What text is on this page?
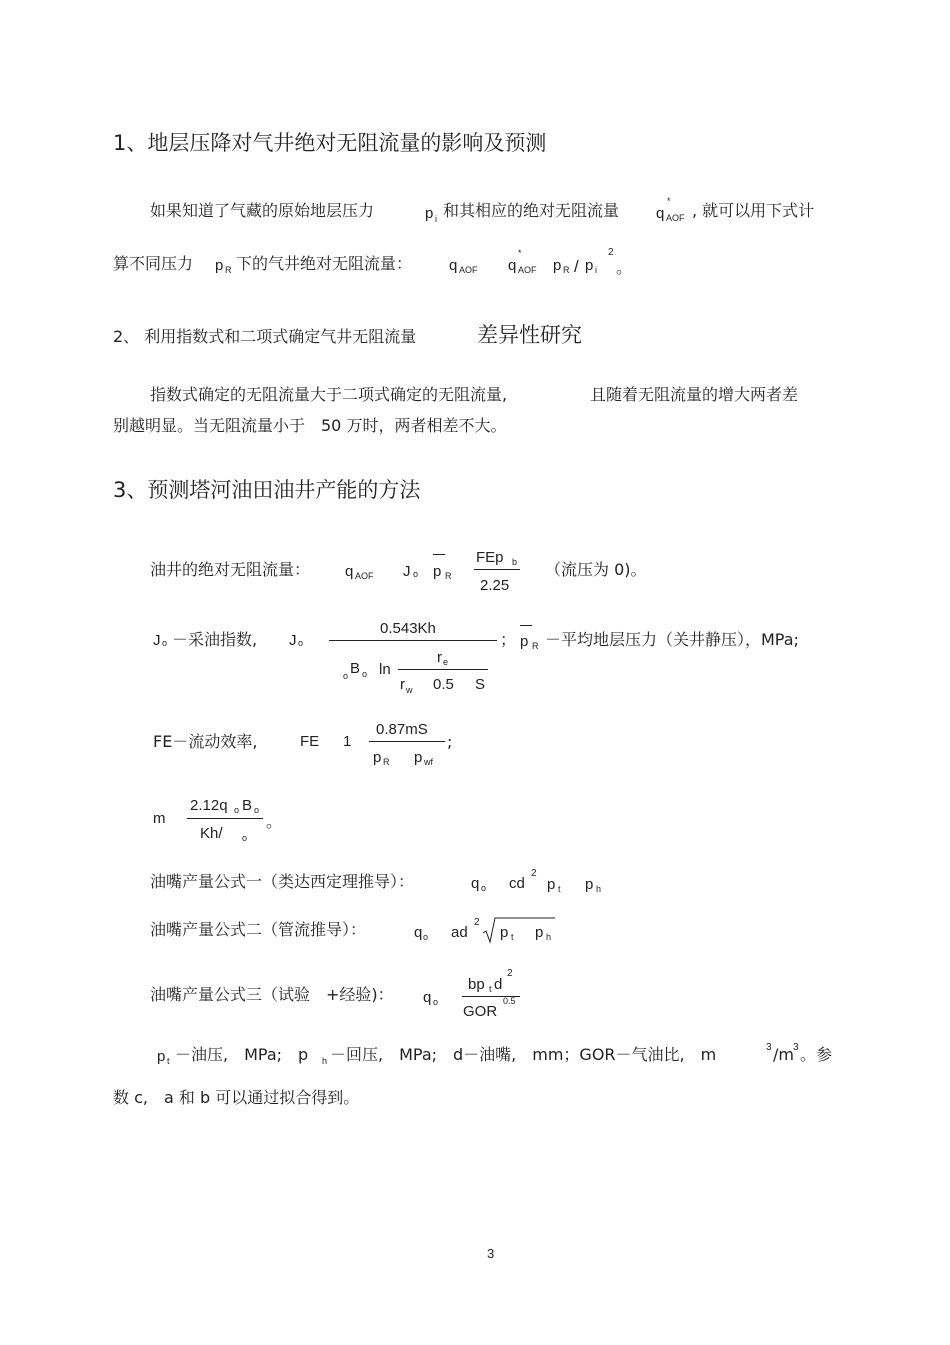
1、地层压降对气井绝对无阻流量的影响及预测
如果知道了气藏的原始地层压力	p i 和其相应的绝对无阻流量 q
*
AOF , 就可以用下式计
算不同压力 p R 下的气井绝对无阻流量： q AOF q
*
AOF p R / p i
2
。
2、 利用指数式和二项式确定气井无阻流量	差异性研究
指数式确定的无阻流量大于二项式确定的无阻流量,	且随着无阻流量的增大两者差
别越明显。当无阻流量小于　50 万时，两者相差不大。
3、预测塔河油田油井产能的方法
油井的绝对无阻流量： q AOF J o p R
FEp b
2.25
（流压为 0)。
J o －采油指数, J o
0.543Kh
o B o ln
r e
r w 0.5 S
； p R －平均地层压力（关井静压），MPa;
FE－流动效率,	FE 1
0.87mS
p R p wf
;
m
2.12q o B o
Kh/ o
。
油嘴产量公式一（类达西定理推导）：	q o cd
2
p t p h
油嘴产量公式二（管流推导）：	q o ad
2
p t p h
油嘴产量公式三（试验　+经验)： q o
bp t d
2
GOR
0.5
p t －油压,　MPa;　p h －回压,　MPa;　d－油嘴,　mm；GOR－气油比,　m	3 /m 3 。参
数 c,　a 和 b 可以通过拟合得到。
3
